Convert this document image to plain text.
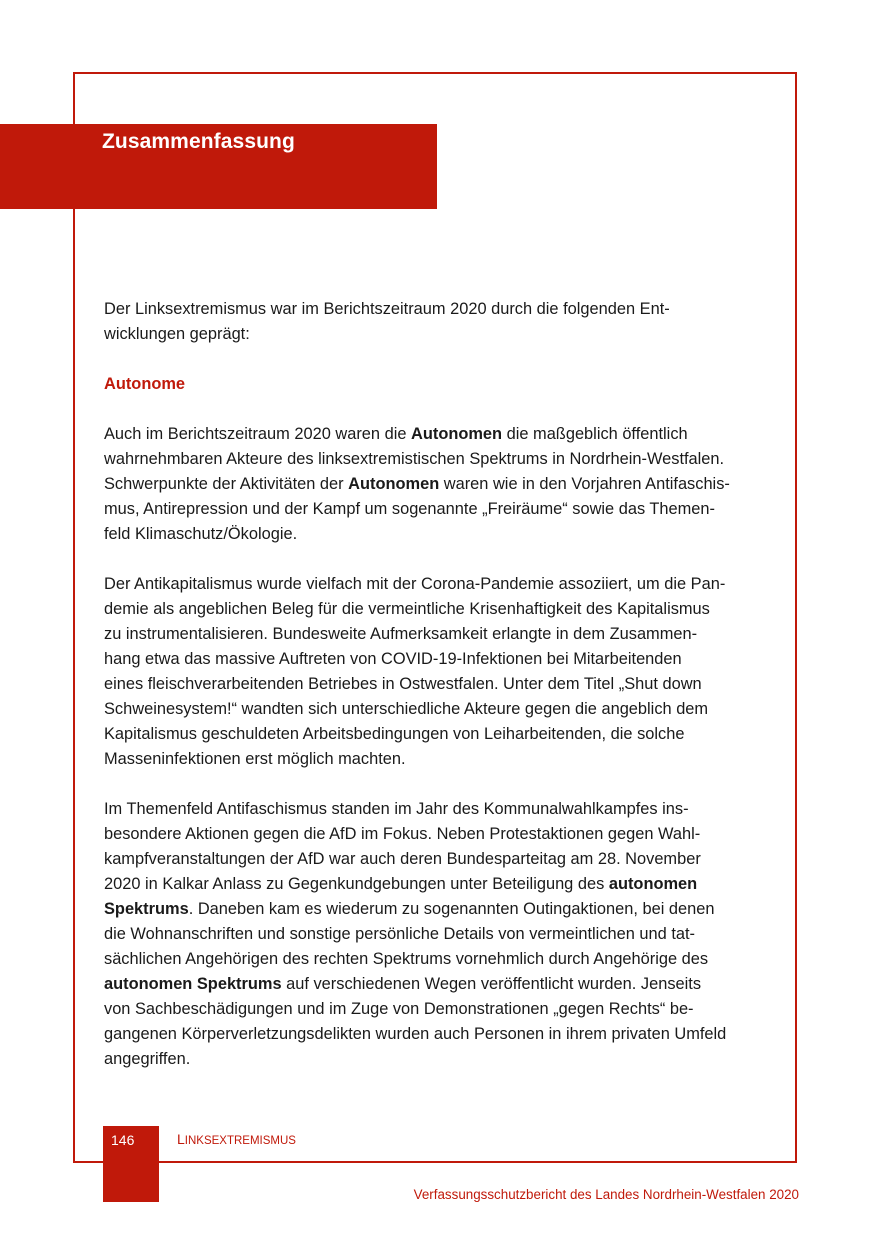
Zusammenfassung

Der Linksextremismus war im Berichtszeitraum 2020 durch die folgenden Ent-
wicklungen geprägt:

Autonome

Auch im Berichtszeitraum 2020 waren die Autonomen die maßgeblich öffentlich
wahrnehmbaren Akteure des linksextremistischen Spektrums in Nordrhein-Westfalen.
Schwerpunkte der Aktivitäten der Autonomen waren wie in den Vorjahren Antifaschis-
mus, Antirepression und der Kampf um sogenannte „Freiräume“ sowie das Themen-
feld Klimaschutz/Ökologie.

Der Antikapitalismus wurde vielfach mit der Corona-Pandemie assoziiert, um die Pan-
demie als angeblichen Beleg für die vermeintliche Krisenhaftigkeit des Kapitalismus
zu instrumentalisieren. Bundesweite Aufmerksamkeit erlangte in dem Zusammen-
hang etwa das massive Auftreten von COVID-19-Infektionen bei Mitarbeitenden
eines fleischverarbeitenden Betriebes in Ostwestfalen. Unter dem Titel „Shut down
Schweinesystem!“ wandten sich unterschiedliche Akteure gegen die angeblich dem
Kapitalismus geschuldeten Arbeitsbedingungen von Leiharbeitenden, die solche
Masseninfektionen erst möglich machten.

Im Themenfeld Antifaschismus standen im Jahr des Kommunalwahlkampfes ins-
besondere Aktionen gegen die AfD im Fokus. Neben Protestaktionen gegen Wahl-
kampfveranstaltungen der AfD war auch deren Bundesparteitag am 28. November
2020 in Kalkar Anlass zu Gegenkundgebungen unter Beteiligung des autonomen
Spektrums. Daneben kam es wiederum zu sogenannten Outingaktionen, bei denen
die Wohnanschriften und sonstige persönliche Details von vermeintlichen und tat-
sächlichen Angehörigen des rechten Spektrums vornehmlich durch Angehörige des
autonomen Spektrums auf verschiedenen Wegen veröffentlicht wurden. Jenseits
von Sachbeschädigungen und im Zuge von Demonstrationen „gegen Rechts“ be-
gangenen Körperverletzungsdelikten wurden auch Personen in ihrem privaten Umfeld
angegriffen.

146	LINKSEXTREMISMUS
Verfassungsschutzbericht des Landes Nordrhein-Westfalen 2020
